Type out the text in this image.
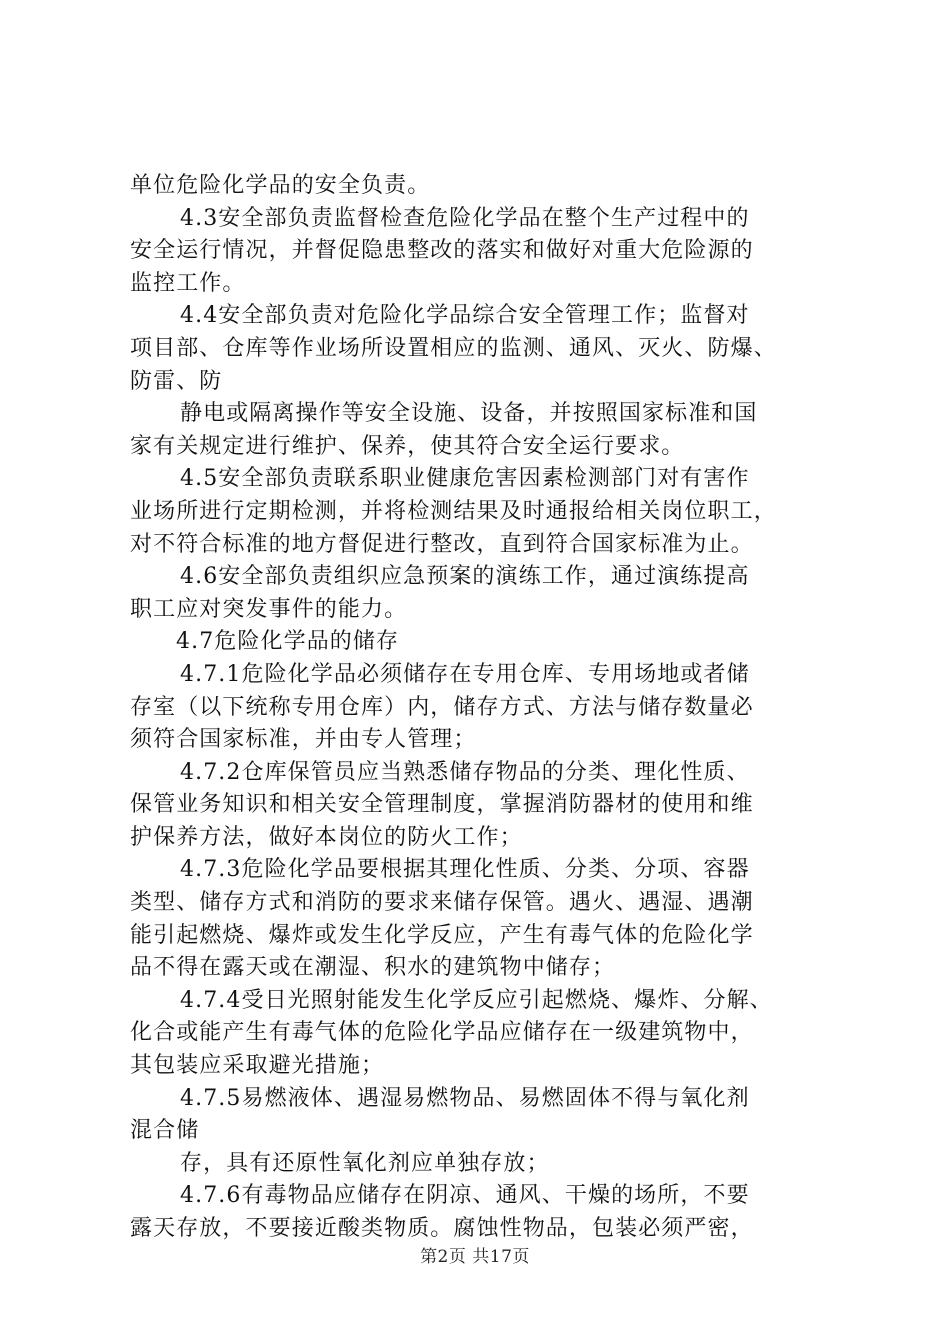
单位危险化学品的安全负责。
4.3安全部负责监督检查危险化学品在整个生产过程中的
安全运行情况，并督促隐患整改的落实和做好对重大危险源的
监控工作。
4.4安全部负责对危险化学品综合安全管理工作；监督对
项目部、仓库等作业场所设置相应的监测、通风、灭火、防爆、
防雷、防
静电或隔离操作等安全设施、设备，并按照国家标准和国
家有关规定进行维护、保养，使其符合安全运行要求。
4.5安全部负责联系职业健康危害因素检测部门对有害作
业场所进行定期检测，并将检测结果及时通报给相关岗位职工，
对不符合标准的地方督促进行整改，直到符合国家标准为止。
4.6安全部负责组织应急预案的演练工作，通过演练提高
职工应对突发事件的能力。
4.7危险化学品的储存
4.7.1危险化学品必须储存在专用仓库、专用场地或者储
存室（以下统称专用仓库）内，储存方式、方法与储存数量必
须符合国家标准，并由专人管理；
4.7.2仓库保管员应当熟悉储存物品的分类、理化性质、
保管业务知识和相关安全管理制度，掌握消防器材的使用和维
护保养方法，做好本岗位的防火工作；
4.7.3危险化学品要根据其理化性质、分类、分项、容器
类型、储存方式和消防的要求来储存保管。遇火、遇湿、遇潮
能引起燃烧、爆炸或发生化学反应，产生有毒气体的危险化学
品不得在露天或在潮湿、积水的建筑物中储存；
4.7.4受日光照射能发生化学反应引起燃烧、爆炸、分解、
化合或能产生有毒气体的危险化学品应储存在一级建筑物中，
其包装应采取避光措施；
4.7.5易燃液体、遇湿易燃物品、易燃固体不得与氧化剂
混合储
存，具有还原性氧化剂应单独存放；
4.7.6有毒物品应储存在阴凉、通风、干燥的场所，不要
露天存放，不要接近酸类物质。腐蚀性物品，包装必须严密，
第2页 共17页
